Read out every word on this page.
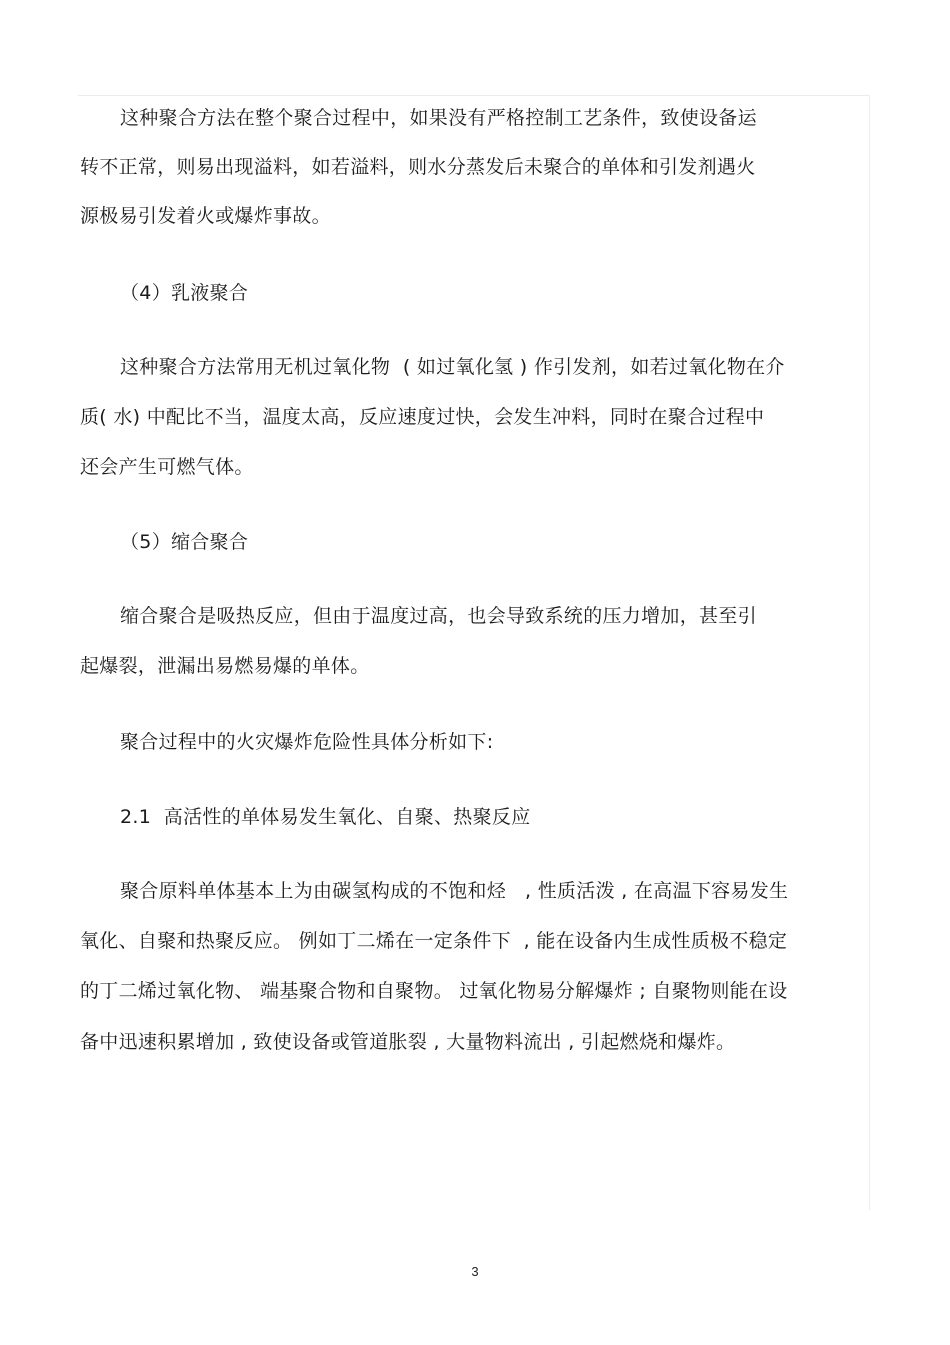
这种聚合方法在整个聚合过程中，如果没有严格控制工艺条件，致使设备运
转不正常，则易出现溢料，如若溢料，则水分蒸发后未聚合的单体和引发剂遇火
源极易引发着火或爆炸事故。
（4）乳液聚合
这种聚合方法常用无机过氧化物  ( 如过氧化氢 ) 作引发剂，如若过氧化物在介
质( 水) 中配比不当，温度太高，反应速度过快，会发生冲料，同时在聚合过程中
还会产生可燃气体。
（5）缩合聚合
缩合聚合是吸热反应，但由于温度过高，也会导致系统的压力增加，甚至引
起爆裂，泄漏出易燃易爆的单体。
聚合过程中的火灾爆炸危险性具体分析如下:
2.1  高活性的单体易发生氧化、自聚、热聚反应
聚合原料单体基本上为由碳氢构成的不饱和烃   , 性质活泼 , 在高温下容易发生
氧化、自聚和热聚反应。 例如丁二烯在一定条件下  , 能在设备内生成性质极不稳定
的丁二烯过氧化物、 端基聚合物和自聚物。 过氧化物易分解爆炸 ; 自聚物则能在设
备中迅速积累增加 , 致使设备或管道胀裂 , 大量物料流出 , 引起燃烧和爆炸。
3
